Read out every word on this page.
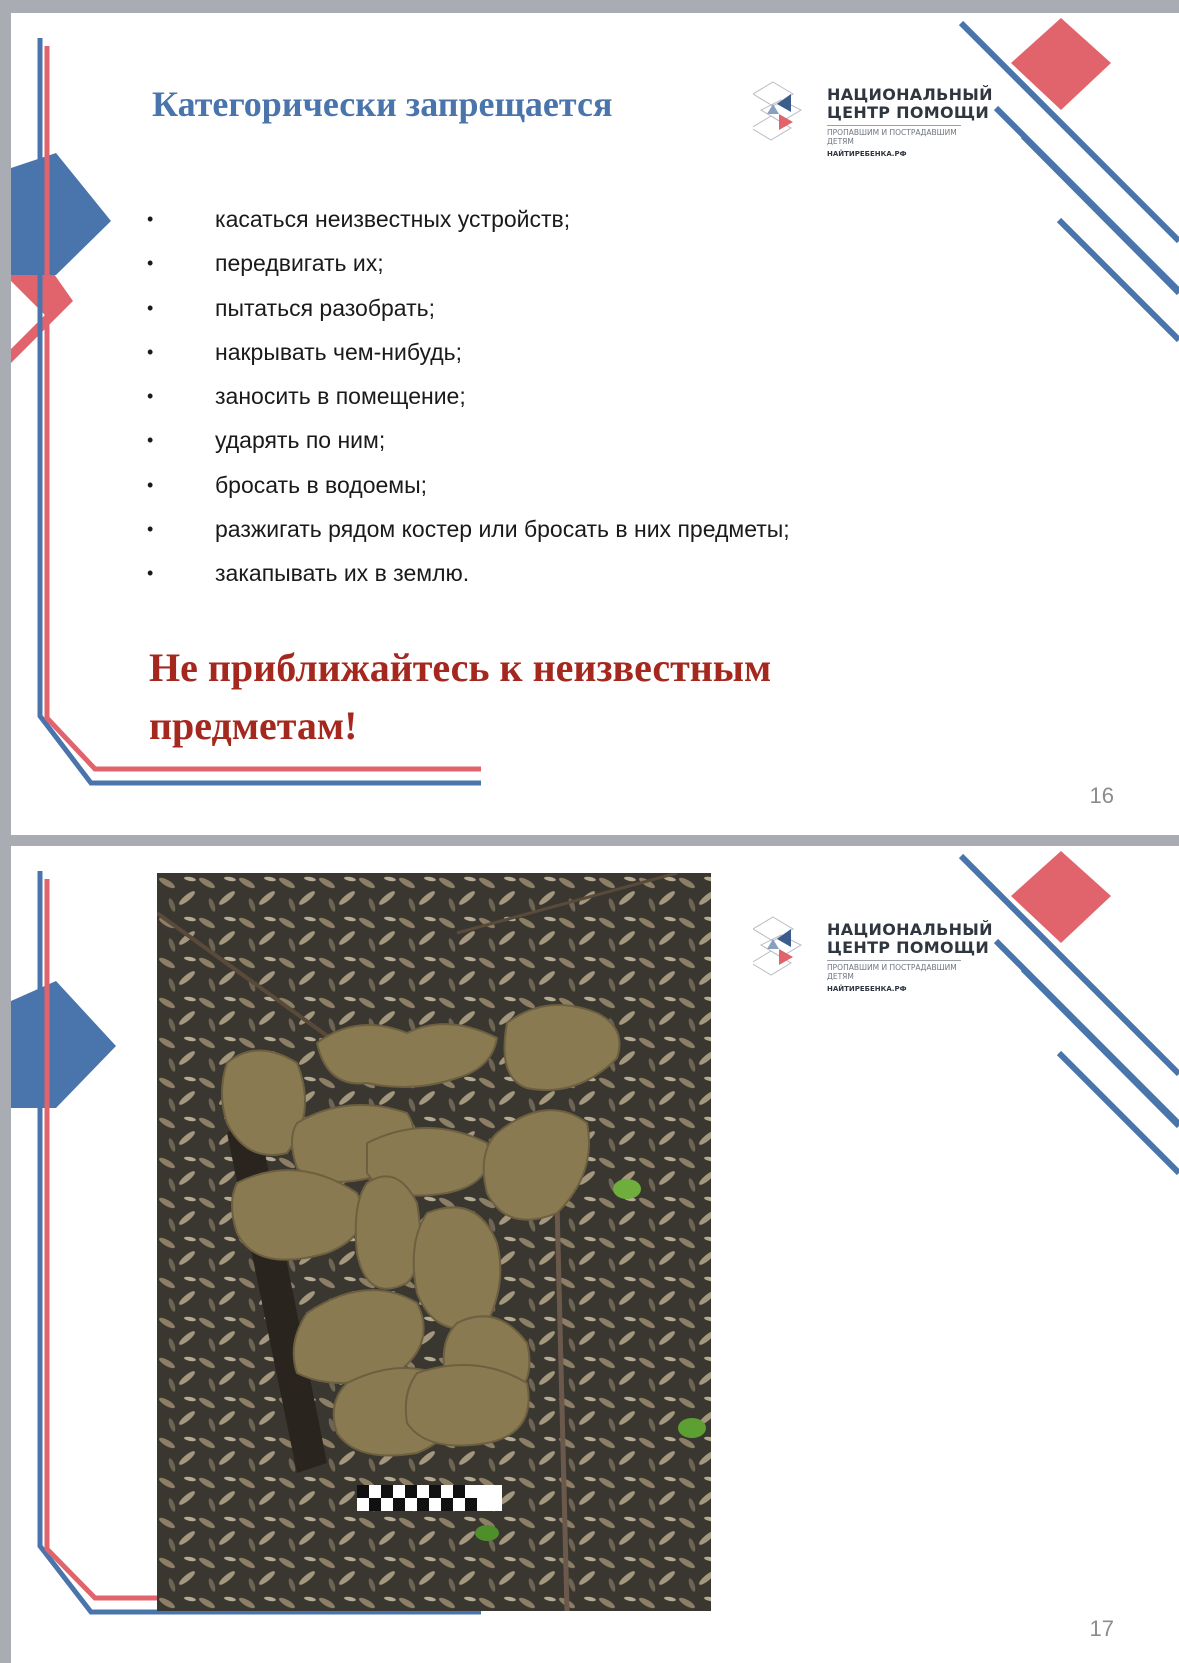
НАЦИОНАЛЬНЫЙ
ЦЕНТР ПОМОЩИ
ПРОПАВШИМ И ПОСТРАДАВШИМ ДЕТЯМ
НАЙТИРЕБЕНКА.РФ
Категорически запрещается
•	касаться неизвестных устройств;
•	передвигать их;
•	пытаться разобрать;
•	накрывать чем-нибудь;
•	заносить в помещение;
•	ударять по ним;
•	бросать в водоемы;
•	разжигать рядом костер или бросать в них предметы;
•	закапывать их в землю.

Не приближайтесь к неизвестным предметам!

16
НАЦИОНАЛЬНЫЙ
ЦЕНТР ПОМОЩИ
ПРОПАВШИМ И ПОСТРАДАВШИМ ДЕТЯМ
НАЙТИРЕБЕНКА.РФ
17
